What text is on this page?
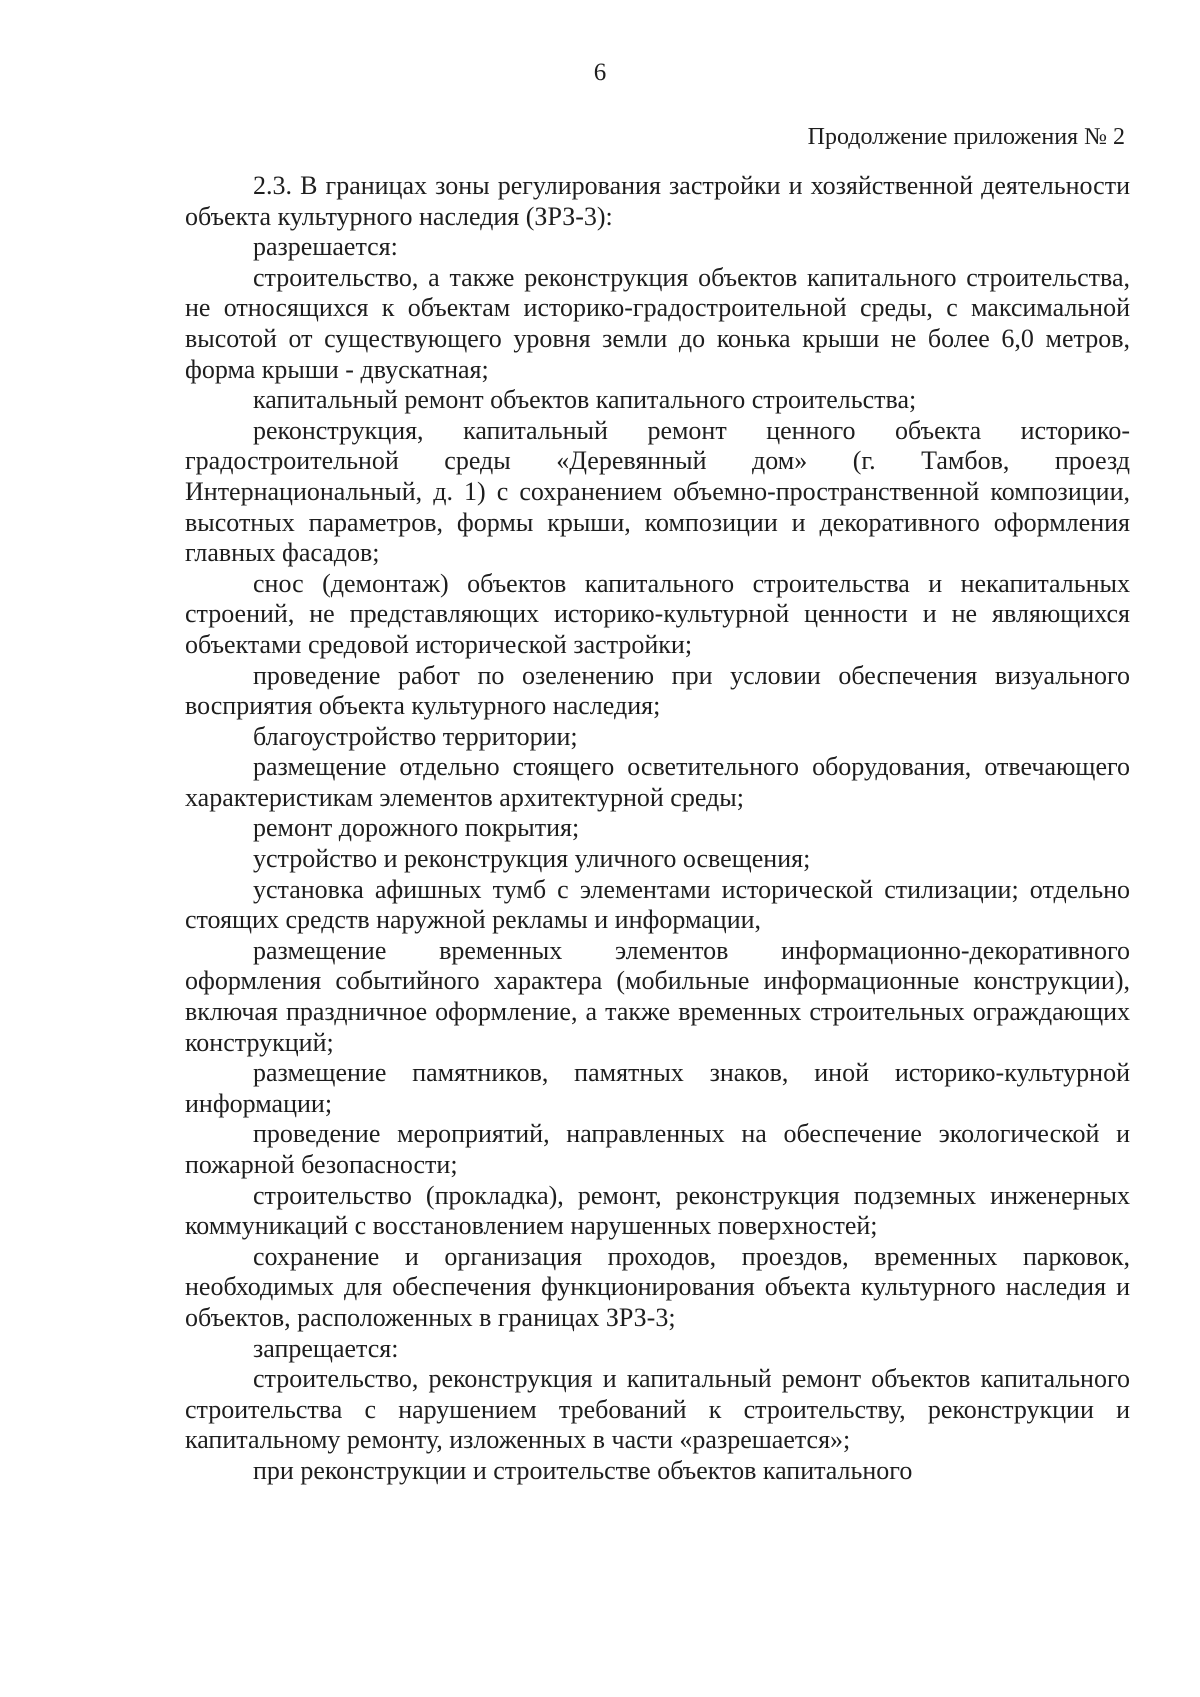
6
Продолжение приложения № 2

2.3. В границах зоны регулирования застройки и хозяйственной деятельности объекта культурного наследия (ЗРЗ-3):

разрешается:

строительство, а также реконструкция объектов капитального строительства, не относящихся к объектам историко-градостроительной среды, с максимальной высотой от существующего уровня земли до конька крыши не более 6,0 метров, форма крыши - двускатная;

капитальный ремонт объектов капитального строительства;

реконструкция, капитальный ремонт ценного объекта историко-градостроительной среды «Деревянный дом» (г. Тамбов, проезд Интернациональный, д. 1) с сохранением объемно-пространственной композиции, высотных параметров, формы крыши, композиции и декоративного оформления главных фасадов;

снос (демонтаж) объектов капитального строительства и некапитальных строений, не представляющих историко-культурной ценности и не являющихся объектами средовой исторической застройки;

проведение работ по озеленению при условии обеспечения визуального восприятия объекта культурного наследия;

благоустройство территории;

размещение отдельно стоящего осветительного оборудования, отвечающего характеристикам элементов архитектурной среды;

ремонт дорожного покрытия;

устройство и реконструкция уличного освещения;

установка афишных тумб с элементами исторической стилизации; отдельно стоящих средств наружной рекламы и информации,

размещение временных элементов информационно-декоративного оформления событийного характера (мобильные информационные конструкции), включая праздничное оформление, а также временных строительных ограждающих конструкций;

размещение памятников, памятных знаков, иной историко-культурной информации;

проведение мероприятий, направленных на обеспечение экологической и пожарной безопасности;

строительство (прокладка), ремонт, реконструкция подземных инженерных коммуникаций с восстановлением нарушенных поверхностей;

сохранение и организация проходов, проездов, временных парковок, необходимых для обеспечения функционирования объекта культурного наследия и объектов, расположенных в границах ЗРЗ-3;

запрещается:

строительство, реконструкция и капитальный ремонт объектов капитального строительства с нарушением требований к строительству, реконструкции и капитальному ремонту, изложенных в части «разрешается»;

при реконструкции и строительстве объектов капитального
